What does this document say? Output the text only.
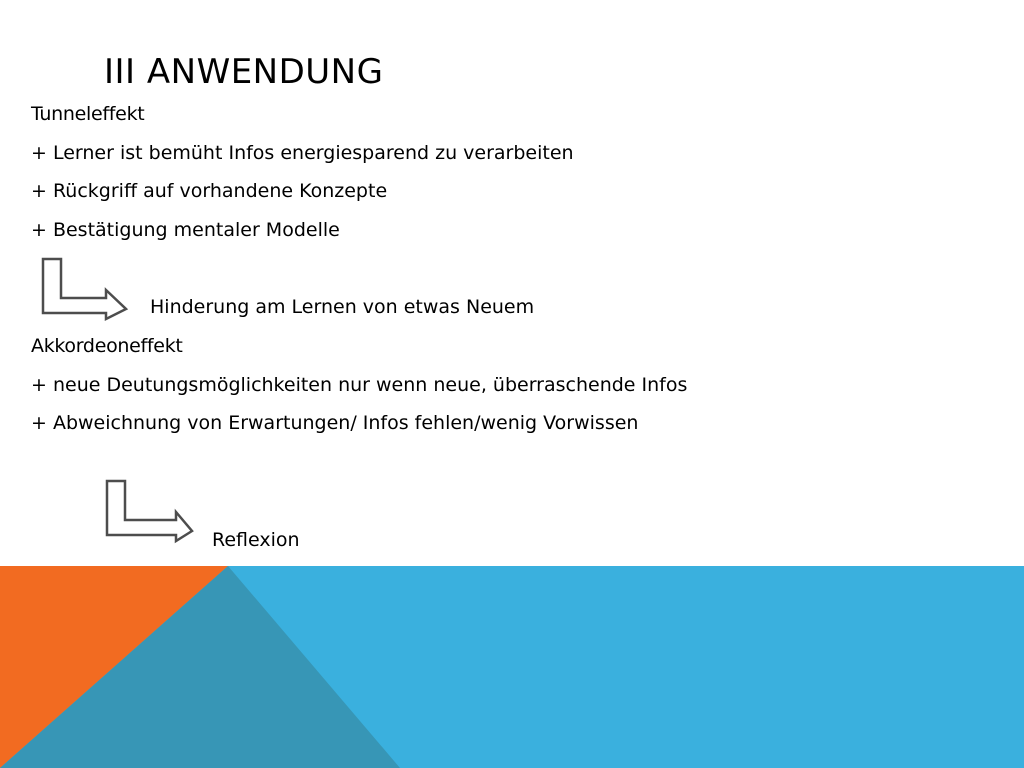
III ANWENDUNG
Tunneleffekt
+ Lerner ist bemüht Infos energiesparend zu verarbeiten
+ Rückgriff auf vorhandene Konzepte
+ Bestätigung mentaler Modelle
Hinderung am Lernen von etwas Neuem
Akkordeoneffekt
+ neue Deutungsmöglichkeiten nur wenn neue, überraschende Infos
+ Abweichnung von Erwartungen/ Infos fehlen/wenig Vorwissen
Reflexion
